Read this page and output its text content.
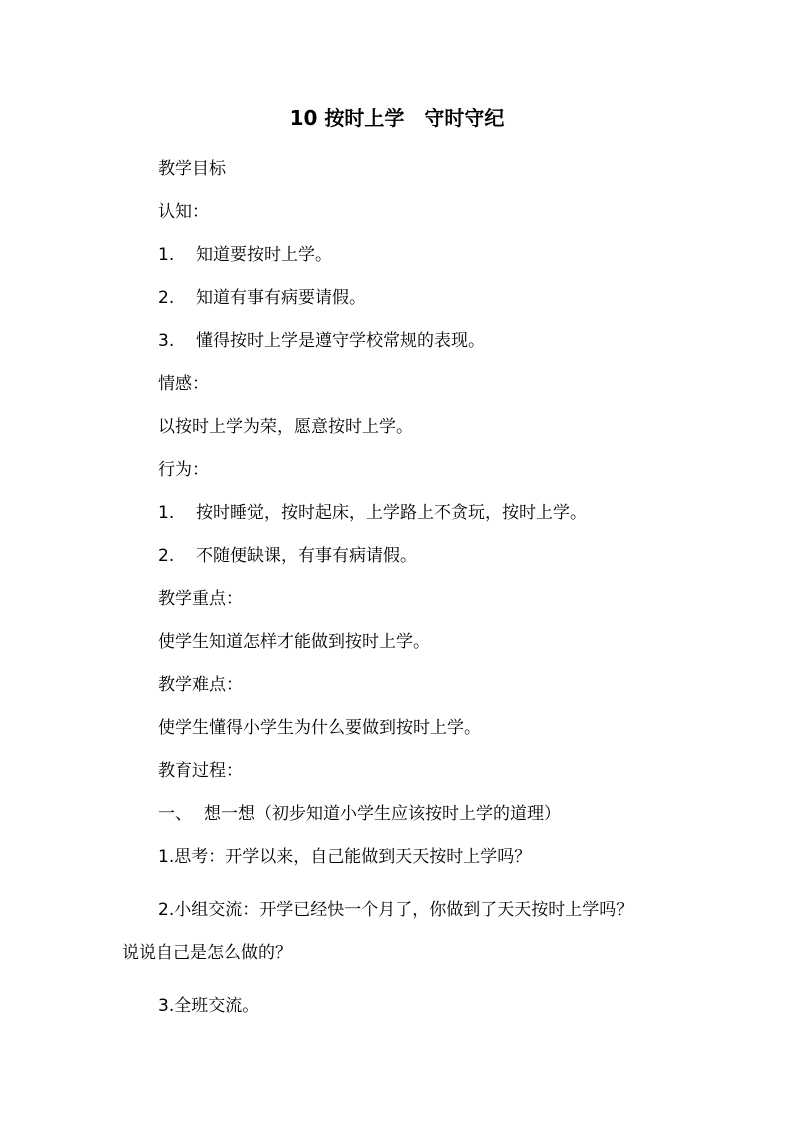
10 按时上学　守时守纪
教学目标
认知：
1. 知道要按时上学。
2. 知道有事有病要请假。
3. 懂得按时上学是遵守学校常规的表现。
情感：
以按时上学为荣，愿意按时上学。
行为：
1. 按时睡觉，按时起床，上学路上不贪玩，按时上学。
2. 不随便缺课，有事有病请假。
教学重点：
使学生知道怎样才能做到按时上学。
教学难点：
使学生懂得小学生为什么要做到按时上学。
教育过程：
一、 想一想（初步知道小学生应该按时上学的道理）
1.思考：开学以来，自己能做到天天按时上学吗？
2.小组交流：开学已经快一个月了，你做到了天天按时上学吗？
说说自己是怎么做的？
3.全班交流。
